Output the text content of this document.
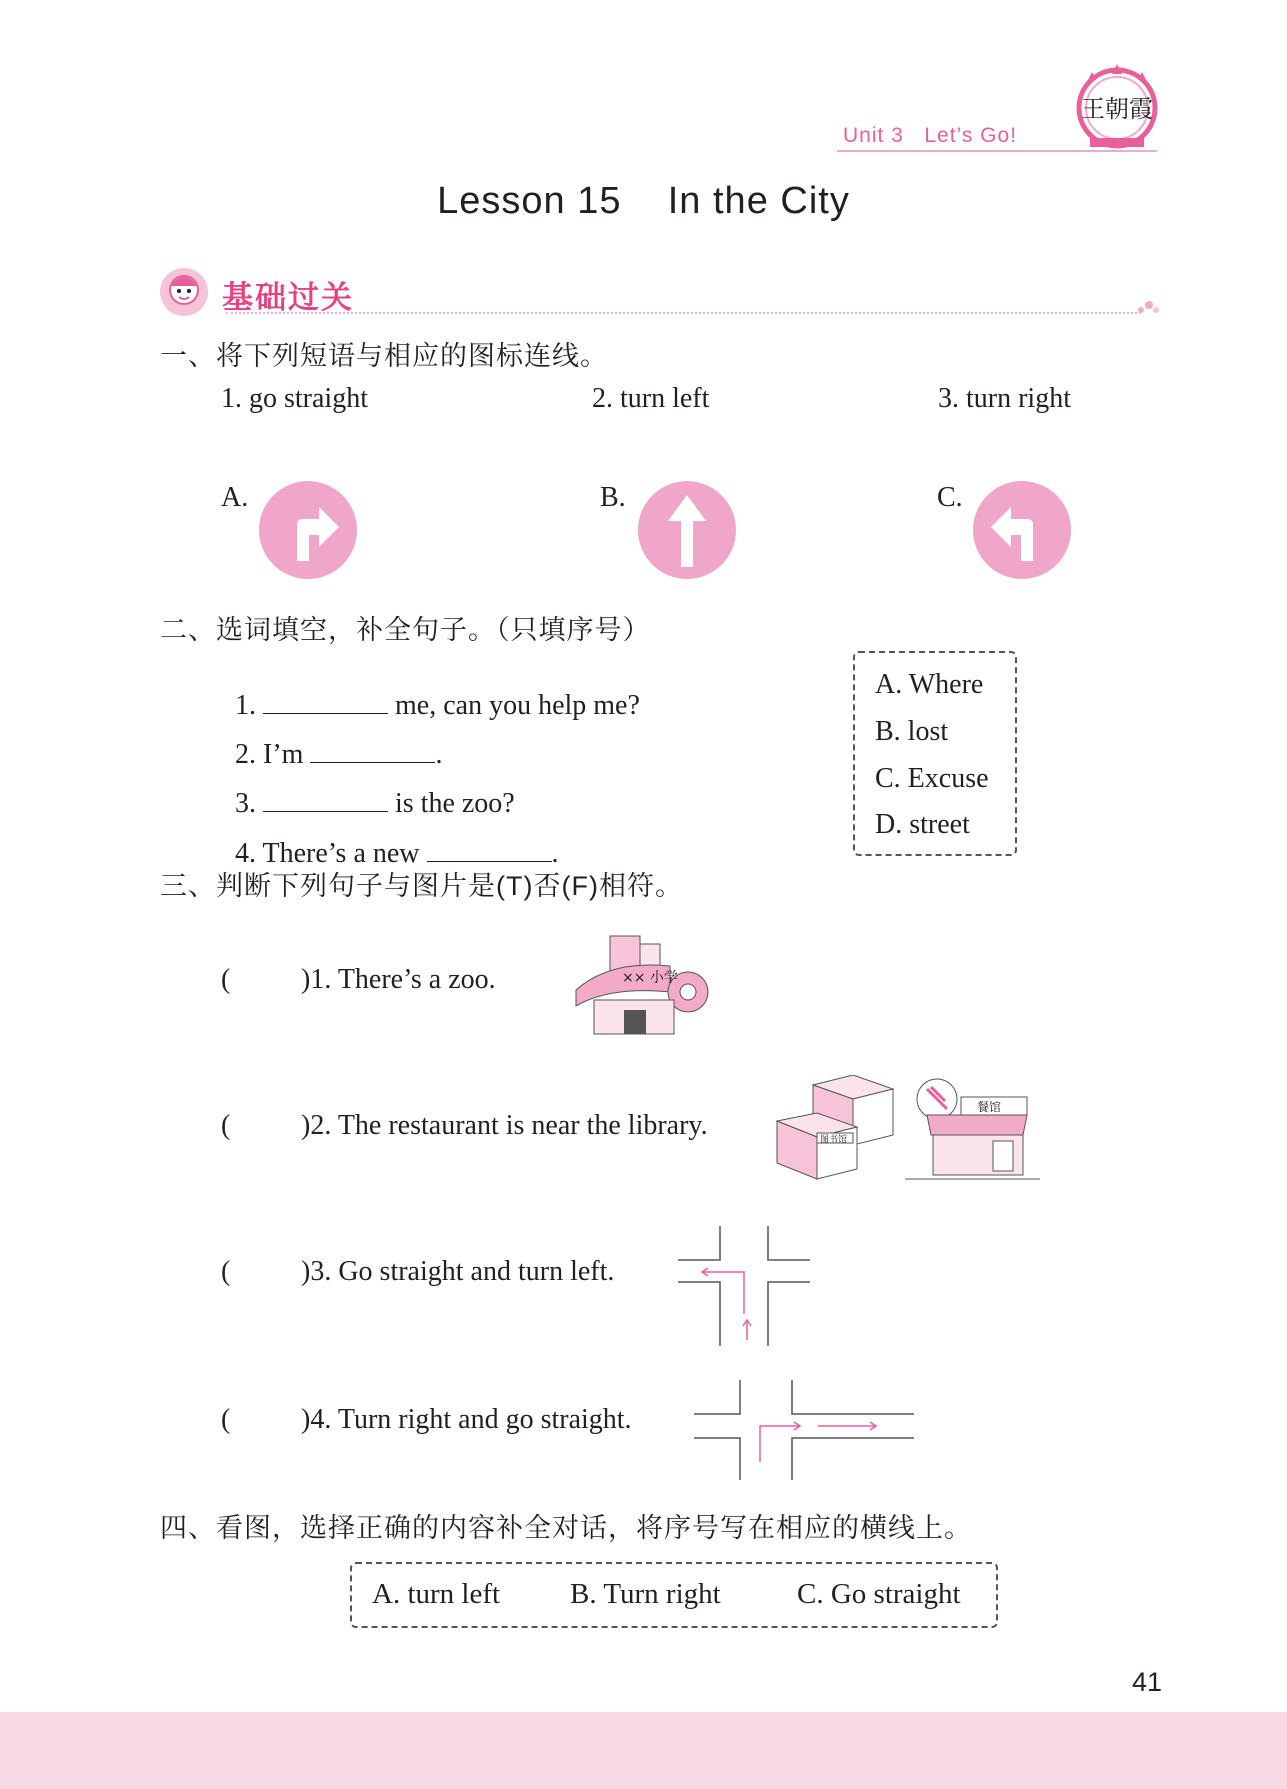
Unit 3   Let’s Go!
王朝霞
Lesson 15    In the City
基础过关
一、将下列短语与相应的图标连线。
1. go straight	2. turn left	3. turn right
A.	B.	C.
二、选词填空，补全句子。（只填序号）

1.	me, can you help me?

2. I’m	.

3.	is the zoo?

4. There’s a new	.

A. Where
B. lost
C. Excuse
D. street
三、判断下列句子与图片是(T)否(F)相符。
(	)1. There’s a zoo.	×× 小学
(	)2. The restaurant is near the library.	图书馆
餐馆
(	)3. Go straight and turn left.
(	)4. Turn right and go straight.
四、看图，选择正确的内容补全对话，将序号写在相应的横线上。
A. turn left B. Turn right	C. Go straight
41
